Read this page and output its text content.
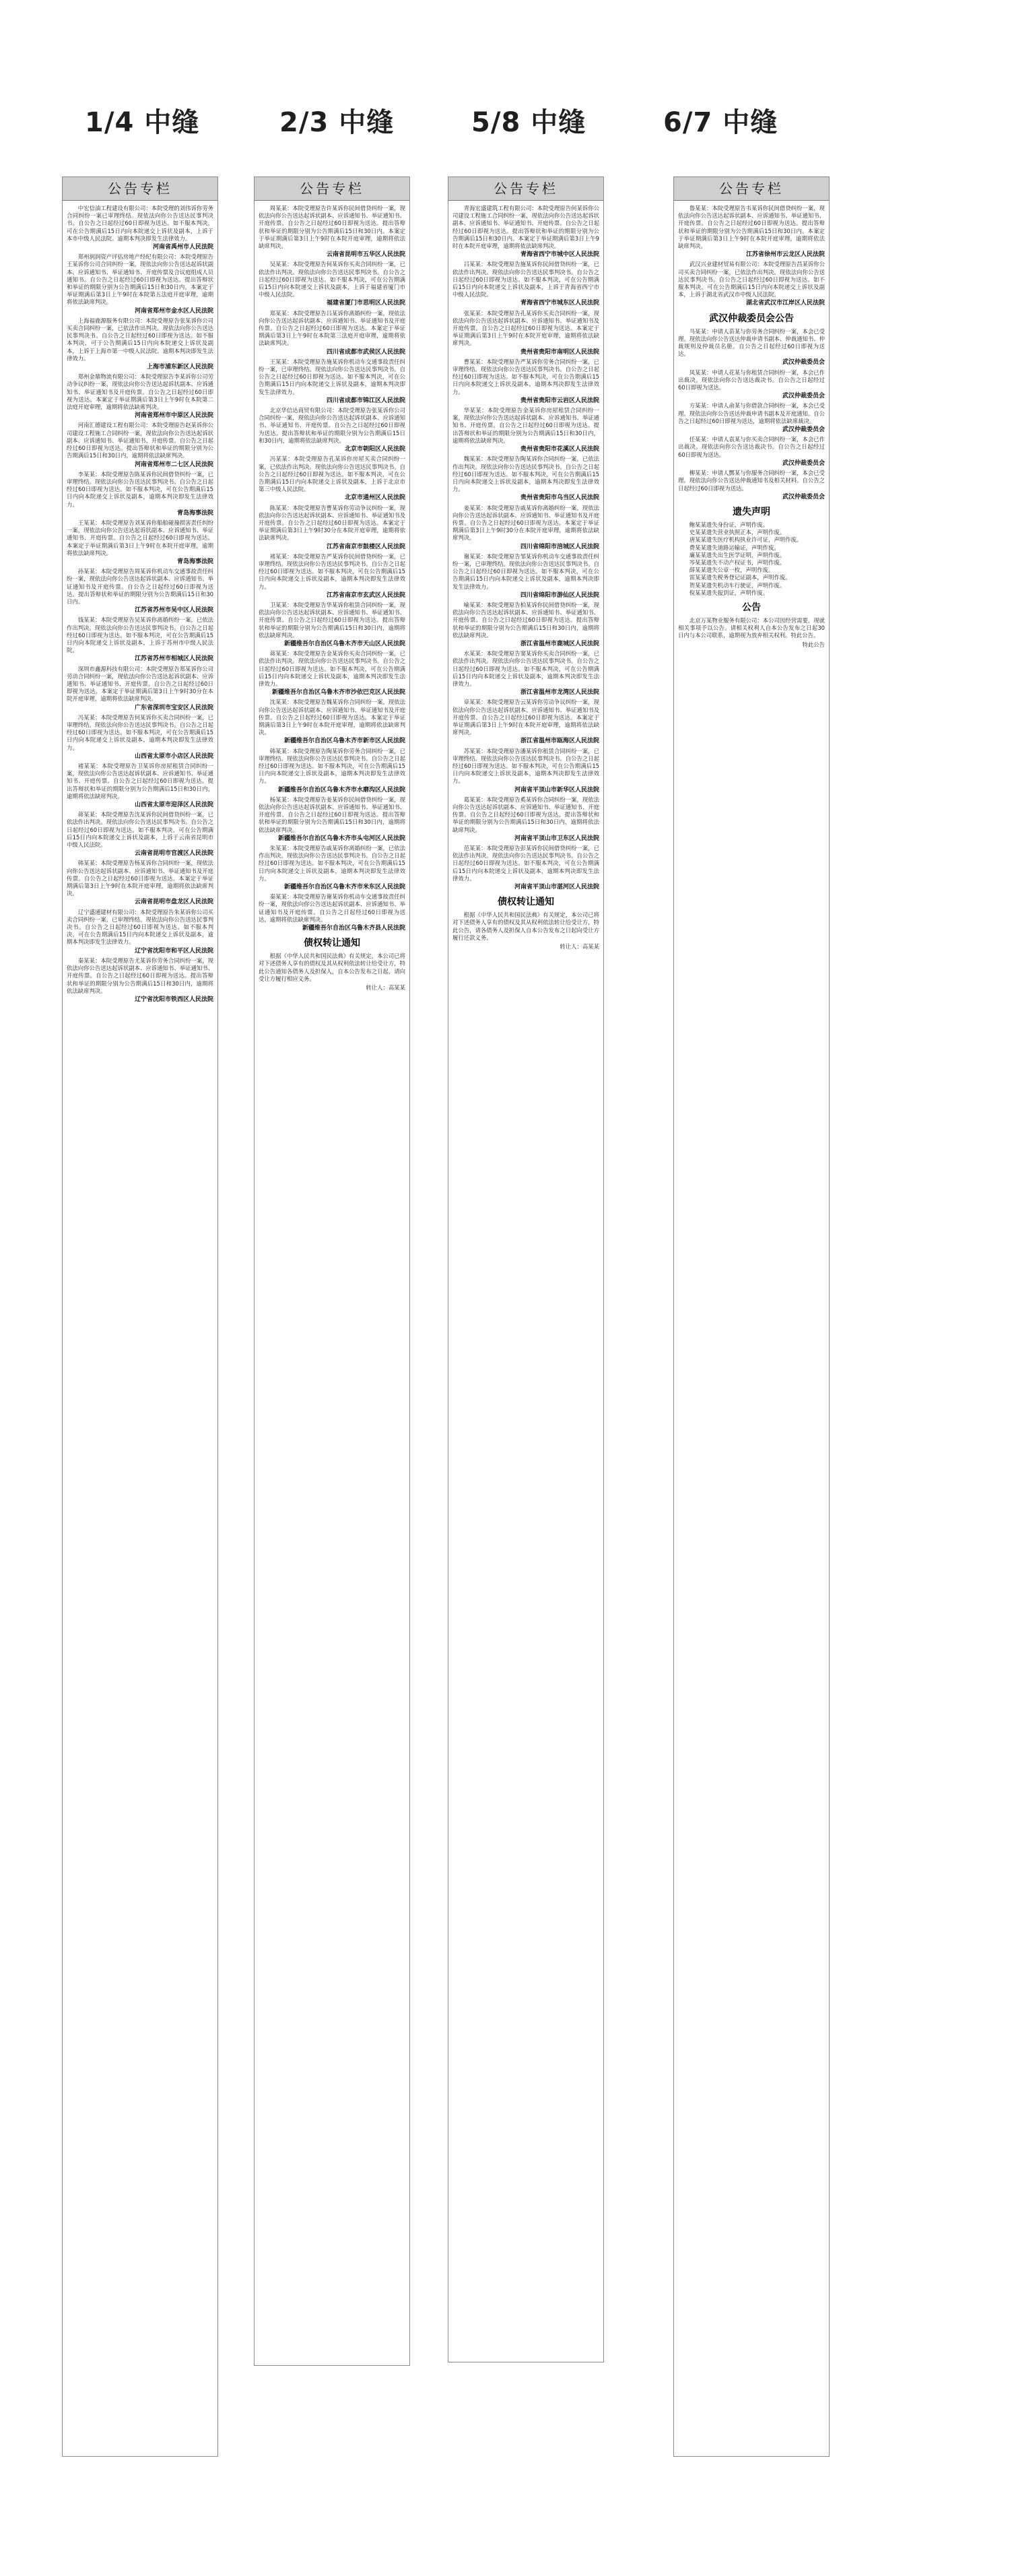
1/4 中缝	2/3 中缝	5/8 中缝	6/7 中缝
公告专栏
中宏信油工程建设有限公司：本院受理的刘伟诉你劳务合同纠纷一案已审理终结。现依法向你公告送达民事判决书。自公告之日起经过60日即视为送达。如不服本判决，可在公告期满后15日内向本院递交上诉状及副本，上诉于本市中级人民法院。逾期本判决即发生法律效力。
河南省禹州市人民法院
郑州润润资产评估房地产经纪有限公司：本院受理原告王某诉你公司合同纠纷一案，现依法向你公告送达起诉状副本、应诉通知书、举证通知书、开庭传票及合议庭组成人员通知书。自公告之日起经过60日即视为送达。提出答辩状和举证的期限分别为公告期满后15日和30日内。本案定于举证期满后第3日上午9时在本院第五法庭开庭审理，逾期将依法缺席判决。
河南省郑州市金水区人民法院
上海福鹿源服务有限公司：本院受理原告张某诉你公司买卖合同纠纷一案，已依法作出判决。现依法向你公告送达民事判决书。自公告之日起经过60日即视为送达。如不服本判决，可于公告期满后15日内向本院递交上诉状及副本，上诉于上海市第一中级人民法院。逾期本判决即发生法律效力。
上海市浦东新区人民法院
郑州金鼎物流有限公司：本院受理原告李某诉你公司劳动争议纠纷一案，现依法向你公告送达起诉状副本、应诉通知书、举证通知书及开庭传票。自公告之日起经过60日即视为送达。本案定于举证期满后第3日上午9时在本院第二法庭开庭审理，逾期将依法缺席判决。
河南省郑州市中原区人民法院
河南汇德建设工程有限公司：本院受理原告赵某诉你公司建设工程施工合同纠纷一案，现依法向你公告送达起诉状副本、应诉通知书、举证通知书、开庭传票。自公告之日起经过60日即视为送达。提出答辩状和举证的期限分别为公告期满后15日和30日内，逾期将依法缺席判决。
河南省郑州市二七区人民法院
李某某：本院受理原告陈某诉你民间借贷纠纷一案，已审理终结。现依法向你公告送达民事判决书。自公告之日起经过60日即视为送达。如不服本判决，可在公告期满后15日内向本院递交上诉状及副本，逾期本判决即发生法律效力。
青岛海事法院
王某某：本院受理原告刘某诉你船舶碰撞损害责任纠纷一案，现依法向你公告送达起诉状副本、应诉通知书、举证通知书、开庭传票。自公告之日起经过60日即视为送达。本案定于举证期满后第3日上午9时在本院开庭审理，逾期将依法缺席判决。
青岛海事法院
孙某某：本院受理原告周某诉你机动车交通事故责任纠纷一案，现依法向你公告送达起诉状副本、应诉通知书、举证通知书及开庭传票。自公告之日起经过60日即视为送达。提出答辩状和举证的期限分别为公告期满后15日和30日内。
江苏省苏州市吴中区人民法院
钱某某：本院受理原告吴某诉你离婚纠纷一案，已依法作出判决。现依法向你公告送达民事判决书。自公告之日起经过60日即视为送达。如不服本判决，可在公告期满后15日内向本院递交上诉状及副本，上诉于苏州市中级人民法院。
江苏省苏州市相城区人民法院
深圳市鑫源科技有限公司：本院受理原告郑某诉你公司劳动合同纠纷一案，现依法向你公告送达起诉状副本、应诉通知书、举证通知书、开庭传票。自公告之日起经过60日即视为送达。本案定于举证期满后第3日上午9时30分在本院开庭审理，逾期将依法缺席判决。
广东省深圳市宝安区人民法院
冯某某：本院受理原告何某诉你买卖合同纠纷一案，已审理终结。现依法向你公告送达民事判决书。自公告之日起经过60日即视为送达。如不服本判决，可在公告期满后15日内向本院递交上诉状及副本，逾期本判决即发生法律效力。
山西省太原市小店区人民法院
褚某某：本院受理原告卫某诉你房屋租赁合同纠纷一案，现依法向你公告送达起诉状副本、应诉通知书、举证通知书、开庭传票。自公告之日起经过60日即视为送达。提出答辩状和举证的期限分别为公告期满后15日和30日内，逾期将依法缺席判决。
山西省太原市迎泽区人民法院
蒋某某：本院受理原告沈某诉你民间借贷纠纷一案，已依法作出判决。现依法向你公告送达民事判决书。自公告之日起经过60日即视为送达。如不服本判决，可在公告期满后15日内向本院递交上诉状及副本，上诉于云南省昆明市中级人民法院。
云南省昆明市官渡区人民法院
韩某某：本院受理原告杨某诉你合同纠纷一案，现依法向你公告送达起诉状副本、应诉通知书、举证通知书及开庭传票。自公告之日起经过60日即视为送达。本案定于举证期满后第3日上午9时在本院开庭审理，逾期将依法缺席判决。
云南省昆明市盘龙区人民法院
辽宁盛通建材有限公司：本院受理原告朱某诉你公司买卖合同纠纷一案，已审理终结。现依法向你公告送达民事判决书。自公告之日起经过60日即视为送达。如不服本判决，可在公告期满后15日内向本院递交上诉状及副本，逾期本判决即发生法律效力。
辽宁省沈阳市和平区人民法院
秦某某：本院受理原告尤某诉你劳务合同纠纷一案，现依法向你公告送达起诉状副本、应诉通知书、举证通知书、开庭传票。自公告之日起经过60日即视为送达。提出答辩状和举证的期限分别为公告期满后15日和30日内，逾期将依法缺席判决。
辽宁省沈阳市铁西区人民法院
公告专栏
周某某：本院受理原告许某诉你民间借贷纠纷一案，现依法向你公告送达起诉状副本、应诉通知书、举证通知书、开庭传票。自公告之日起经过60日即视为送达。提出答辩状和举证的期限分别为公告期满后15日和30日内。本案定于举证期满后第3日上午9时在本院开庭审理，逾期将依法缺席判决。
云南省昆明市五华区人民法院
吴某某：本院受理原告何某诉你买卖合同纠纷一案，已依法作出判决。现依法向你公告送达民事判决书。自公告之日起经过60日即视为送达。如不服本判决，可在公告期满后15日内向本院递交上诉状及副本，上诉于福建省厦门市中级人民法院。
福建省厦门市思明区人民法院
郑某某：本院受理原告吕某诉你离婚纠纷一案，现依法向你公告送达起诉状副本、应诉通知书、举证通知书及开庭传票。自公告之日起经过60日即视为送达。本案定于举证期满后第3日上午9时在本院第三法庭开庭审理，逾期将依法缺席判决。
四川省成都市武侯区人民法院
王某某：本院受理原告施某诉你机动车交通事故责任纠纷一案，已审理终结。现依法向你公告送达民事判决书。自公告之日起经过60日即视为送达。如不服本判决，可在公告期满后15日内向本院递交上诉状及副本，逾期本判决即发生法律效力。
四川省成都市锦江区人民法院
北京华信达商贸有限公司：本院受理原告张某诉你公司合同纠纷一案，现依法向你公告送达起诉状副本、应诉通知书、举证通知书、开庭传票。自公告之日起经过60日即视为送达。提出答辩状和举证的期限分别为公告期满后15日和30日内，逾期将依法缺席判决。
北京市朝阳区人民法院
冯某某：本院受理原告孔某诉你房屋买卖合同纠纷一案，已依法作出判决。现依法向你公告送达民事判决书。自公告之日起经过60日即视为送达。如不服本判决，可在公告期满后15日内向本院递交上诉状及副本，上诉于北京市第三中级人民法院。
北京市通州区人民法院
陈某某：本院受理原告曹某诉你劳动争议纠纷一案，现依法向你公告送达起诉状副本、应诉通知书、举证通知书及开庭传票。自公告之日起经过60日即视为送达。本案定于举证期满后第3日上午9时30分在本院开庭审理，逾期将依法缺席判决。
江苏省南京市鼓楼区人民法院
褚某某：本院受理原告严某诉你民间借贷纠纷一案，已审理终结。现依法向你公告送达民事判决书。自公告之日起经过60日即视为送达。如不服本判决，可在公告期满后15日内向本院递交上诉状及副本，逾期本判决即发生法律效力。
江苏省南京市玄武区人民法院
卫某某：本院受理原告华某诉你租赁合同纠纷一案，现依法向你公告送达起诉状副本、应诉通知书、举证通知书、开庭传票。自公告之日起经过60日即视为送达。提出答辩状和举证的期限分别为公告期满后15日和30日内，逾期将依法缺席判决。
新疆维吾尔自治区乌鲁木齐市天山区人民法院
蒋某某：本院受理原告金某诉你买卖合同纠纷一案，已依法作出判决。现依法向你公告送达民事判决书。自公告之日起经过60日即视为送达。如不服本判决，可在公告期满后15日内向本院递交上诉状及副本，逾期本判决即发生法律效力。
新疆维吾尔自治区乌鲁木齐市沙依巴克区人民法院
沈某某：本院受理原告魏某诉你合同纠纷一案，现依法向你公告送达起诉状副本、应诉通知书、举证通知书及开庭传票。自公告之日起经过60日即视为送达。本案定于举证期满后第3日上午9时在本院开庭审理，逾期将依法缺席判决。
新疆维吾尔自治区乌鲁木齐市新市区人民法院
韩某某：本院受理原告陶某诉你劳务合同纠纷一案，已审理终结。现依法向你公告送达民事判决书。自公告之日起经过60日即视为送达。如不服本判决，可在公告期满后15日内向本院递交上诉状及副本，逾期本判决即发生法律效力。
新疆维吾尔自治区乌鲁木齐市水磨沟区人民法院
杨某某：本院受理原告姜某诉你民间借贷纠纷一案，现依法向你公告送达起诉状副本、应诉通知书、举证通知书、开庭传票。自公告之日起经过60日即视为送达。提出答辩状和举证的期限分别为公告期满后15日和30日内，逾期将依法缺席判决。
新疆维吾尔自治区乌鲁木齐市头屯河区人民法院
朱某某：本院受理原告戚某诉你离婚纠纷一案，已依法作出判决。现依法向你公告送达民事判决书。自公告之日起经过60日即视为送达。如不服本判决，可在公告期满后15日内向本院递交上诉状及副本，逾期本判决即发生法律效力。
新疆维吾尔自治区乌鲁木齐市米东区人民法院
秦某某：本院受理原告谢某诉你机动车交通事故责任纠纷一案，现依法向你公告送达起诉状副本、应诉通知书、举证通知书及开庭传票。自公告之日起经过60日即视为送达，逾期将依法缺席判决。
新疆维吾尔自治区乌鲁木齐县人民法院
债权转让通知
根据《中华人民共和国民法典》有关规定，本公司已将对下述债务人享有的债权及其从权利依法转让给受让方，特此公告通知各债务人及担保人，自本公告发布之日起，请向受让方履行相应义务。
转让人：高某某
公告专栏
青海宏盛建筑工程有限公司：本院受理原告何某诉你公司建设工程施工合同纠纷一案，现依法向你公告送达起诉状副本、应诉通知书、举证通知书、开庭传票。自公告之日起经过60日即视为送达。提出答辩状和举证的期限分别为公告期满后15日和30日内。本案定于举证期满后第3日上午9时在本院开庭审理，逾期将依法缺席判决。
青海省西宁市城中区人民法院
吕某某：本院受理原告施某诉你民间借贷纠纷一案，已依法作出判决。现依法向你公告送达民事判决书。自公告之日起经过60日即视为送达。如不服本判决，可在公告期满后15日内向本院递交上诉状及副本，上诉于青海省西宁市中级人民法院。
青海省西宁市城东区人民法院
张某某：本院受理原告孔某诉你买卖合同纠纷一案，现依法向你公告送达起诉状副本、应诉通知书、举证通知书及开庭传票。自公告之日起经过60日即视为送达。本案定于举证期满后第3日上午9时在本院开庭审理，逾期将依法缺席判决。
贵州省贵阳市南明区人民法院
曹某某：本院受理原告严某诉你劳务合同纠纷一案，已审理终结。现依法向你公告送达民事判决书。自公告之日起经过60日即视为送达。如不服本判决，可在公告期满后15日内向本院递交上诉状及副本，逾期本判决即发生法律效力。
贵州省贵阳市云岩区人民法院
华某某：本院受理原告金某诉你房屋租赁合同纠纷一案，现依法向你公告送达起诉状副本、应诉通知书、举证通知书、开庭传票。自公告之日起经过60日即视为送达。提出答辩状和举证的期限分别为公告期满后15日和30日内，逾期将依法缺席判决。
贵州省贵阳市花溪区人民法院
魏某某：本院受理原告陶某诉你合同纠纷一案，已依法作出判决。现依法向你公告送达民事判决书。自公告之日起经过60日即视为送达。如不服本判决，可在公告期满后15日内向本院递交上诉状及副本，逾期本判决即发生法律效力。
贵州省贵阳市乌当区人民法院
姜某某：本院受理原告戚某诉你离婚纠纷一案，现依法向你公告送达起诉状副本、应诉通知书、举证通知书及开庭传票。自公告之日起经过60日即视为送达。本案定于举证期满后第3日上午9时30分在本院开庭审理，逾期将依法缺席判决。
四川省绵阳市涪城区人民法院
谢某某：本院受理原告邹某诉你机动车交通事故责任纠纷一案，已审理终结。现依法向你公告送达民事判决书。自公告之日起经过60日即视为送达。如不服本判决，可在公告期满后15日内向本院递交上诉状及副本，逾期本判决即发生法律效力。
四川省绵阳市游仙区人民法院
喻某某：本院受理原告柏某诉你民间借贷纠纷一案，现依法向你公告送达起诉状副本、应诉通知书、举证通知书、开庭传票。自公告之日起经过60日即视为送达。提出答辩状和举证的期限分别为公告期满后15日和30日内，逾期将依法缺席判决。
浙江省温州市鹿城区人民法院
水某某：本院受理原告窦某诉你买卖合同纠纷一案，已依法作出判决。现依法向你公告送达民事判决书。自公告之日起经过60日即视为送达。如不服本判决，可在公告期满后15日内向本院递交上诉状及副本，逾期本判决即发生法律效力。
浙江省温州市龙湾区人民法院
章某某：本院受理原告云某诉你劳动争议纠纷一案，现依法向你公告送达起诉状副本、应诉通知书、举证通知书及开庭传票。自公告之日起经过60日即视为送达。本案定于举证期满后第3日上午9时在本院开庭审理，逾期将依法缺席判决。
浙江省温州市瓯海区人民法院
苏某某：本院受理原告潘某诉你租赁合同纠纷一案，已审理终结。现依法向你公告送达民事判决书。自公告之日起经过60日即视为送达。如不服本判决，可在公告期满后15日内向本院递交上诉状及副本，逾期本判决即发生法律效力。
河南省平顶山市新华区人民法院
葛某某：本院受理原告奚某诉你合同纠纷一案，现依法向你公告送达起诉状副本、应诉通知书、举证通知书、开庭传票。自公告之日起经过60日即视为送达。提出答辩状和举证的期限分别为公告期满后15日和30日内，逾期将依法缺席判决。
河南省平顶山市卫东区人民法院
范某某：本院受理原告彭某诉你民间借贷纠纷一案，已依法作出判决。现依法向你公告送达民事判决书。自公告之日起经过60日即视为送达。如不服本判决，可在公告期满后15日内向本院递交上诉状及副本，逾期本判决即发生法律效力。
河南省平顶山市湛河区人民法院
债权转让通知
根据《中华人民共和国民法典》有关规定，本公司已将对下述债务人享有的债权及其从权利依法转让给受让方，特此公告，请各债务人及担保人自本公告发布之日起向受让方履行还款义务。
转让人：高某某
公告专栏
鲁某某：本院受理原告韦某诉你民间借贷纠纷一案，现依法向你公告送达起诉状副本、应诉通知书、举证通知书、开庭传票。自公告之日起经过60日即视为送达。提出答辩状和举证的期限分别为公告期满后15日和30日内。本案定于举证期满后第3日上午9时在本院开庭审理，逾期将依法缺席判决。
江苏省徐州市云龙区人民法院
武汉兴业建材贸易有限公司：本院受理原告昌某诉你公司买卖合同纠纷一案，已依法作出判决。现依法向你公告送达民事判决书。自公告之日起经过60日即视为送达。如不服本判决，可在公告期满后15日内向本院递交上诉状及副本，上诉于湖北省武汉市中级人民法院。
湖北省武汉市江岸区人民法院
武汉仲裁委员会公告
马某某：申请人苗某与你劳务合同纠纷一案，本会已受理。现依法向你公告送达仲裁申请书副本、仲裁通知书、仲裁规则及仲裁员名册。自公告之日起经过60日即视为送达。
武汉仲裁委员会
凤某某：申请人花某与你租赁合同纠纷一案，本会已作出裁决。现依法向你公告送达裁决书。自公告之日起经过60日即视为送达。
武汉仲裁委员会
方某某：申请人俞某与你借款合同纠纷一案，本会已受理。现依法向你公告送达仲裁申请书副本及开庭通知。自公告之日起经过60日即视为送达，逾期将依法缺席裁决。
武汉仲裁委员会
任某某：申请人袁某与你买卖合同纠纷一案，本会已作出裁决。现依法向你公告送达裁决书。自公告之日起经过60日即视为送达。
武汉仲裁委员会
柳某某：申请人酆某与你服务合同纠纷一案，本会已受理。现依法向你公告送达仲裁通知书及相关材料。自公告之日起经过60日即视为送达。
武汉仲裁委员会
遗失声明
鲍某某遗失身份证，声明作废。
史某某遗失营业执照正本，声明作废。
唐某某遗失医疗机构执业许可证，声明作废。
费某某遗失道路运输证，声明作废。
廉某某遗失出生医学证明，声明作废。
岑某某遗失不动产权证书，声明作废。
薛某某遗失公章一枚，声明作废。
雷某某遗失税务登记证副本，声明作废。
贺某某遗失机动车行驶证，声明作废。
倪某某遗失报到证，声明作废。
公告
北京万某物业服务有限公司：本公司因经营需要，现就相关事项予以公告。请相关权利人自本公告发布之日起30日内与本公司联系，逾期视为放弃相关权利。特此公告。
特此公告
